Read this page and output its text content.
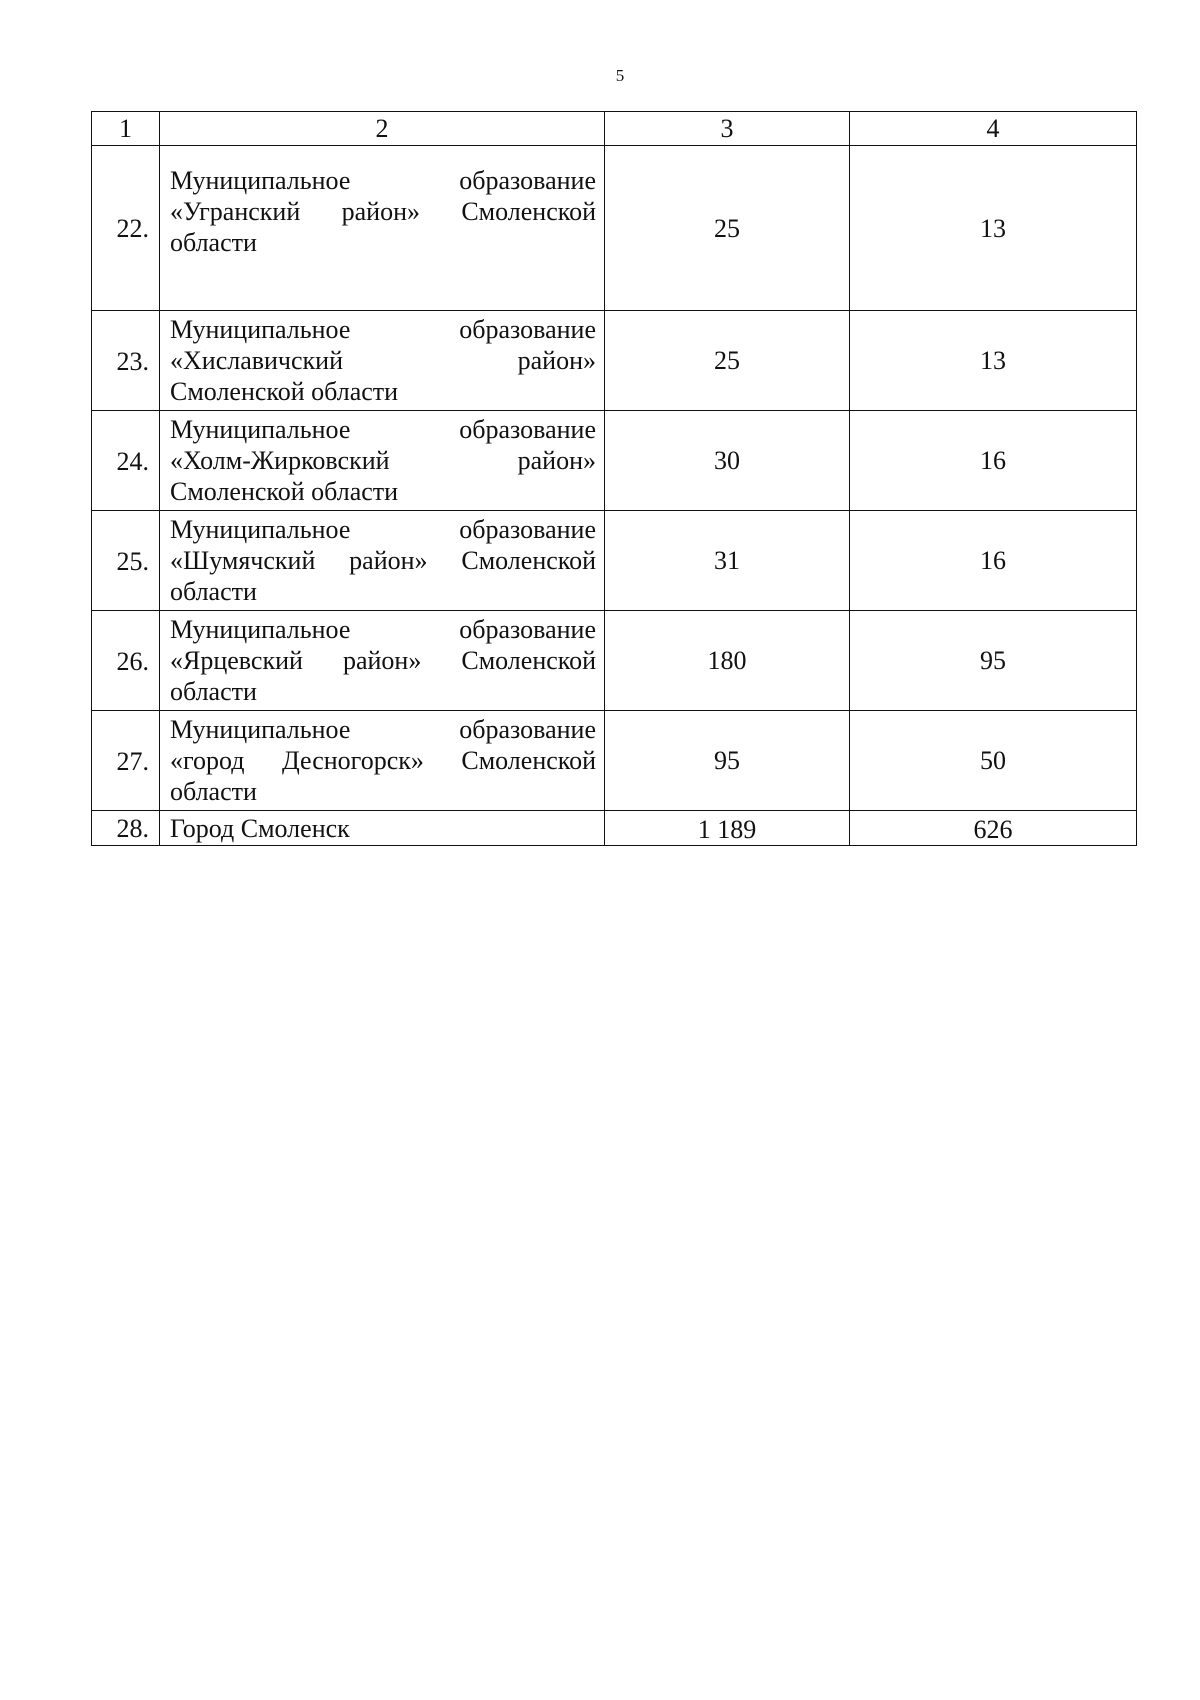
5
1	2	3	4
22.	Муниципальное образование
«Угранский район» Смоленской
области	25	13
23.	Муниципальное образование
«Хиславичский район»
Смоленской области	25	13
24.	Муниципальное образование
«Холм-Жирковский район»
Смоленской области	30	16
25.	Муниципальное образование
«Шумячский район» Смоленской
области	31	16
26.	Муниципальное образование
«Ярцевский район» Смоленской
области	180	95
27.	Муниципальное образование
«город Десногорск» Смоленской
области	95	50
28.	Город Смоленск	1 189	626
